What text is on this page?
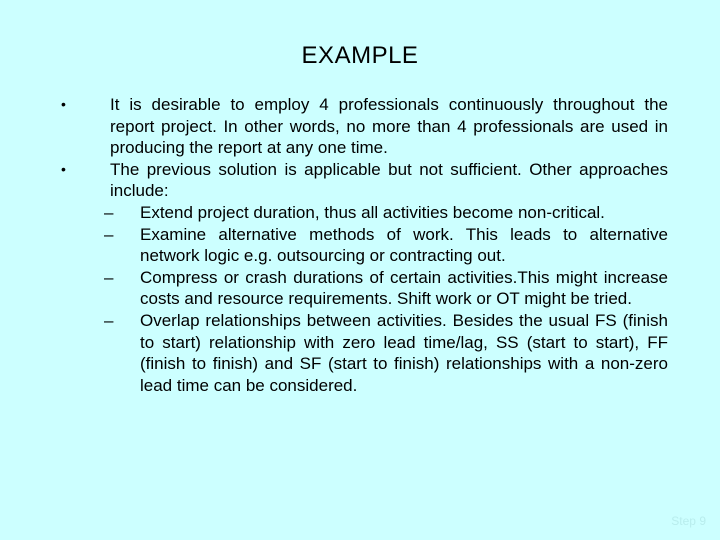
EXAMPLE
•	It is desirable to employ 4 professionals continuously throughout the report project. In other words, no more than 4 professionals are used in producing the report at any one time.
•	The previous solution is applicable but not sufficient. Other approaches include:
– Extend project duration, thus all activities become non-critical.
– Examine alternative methods of work. This leads to alternative network logic e.g. outsourcing or contracting out.
– Compress or crash durations of certain activities.This might increase costs and resource requirements. Shift work or OT might be tried.
– Overlap relationships between activities. Besides the usual FS (finish to start) relationship with zero lead time/lag, SS (start to start), FF (finish to finish) and SF (start to finish) relationships with a non-zero lead time can be considered.
Step 9
